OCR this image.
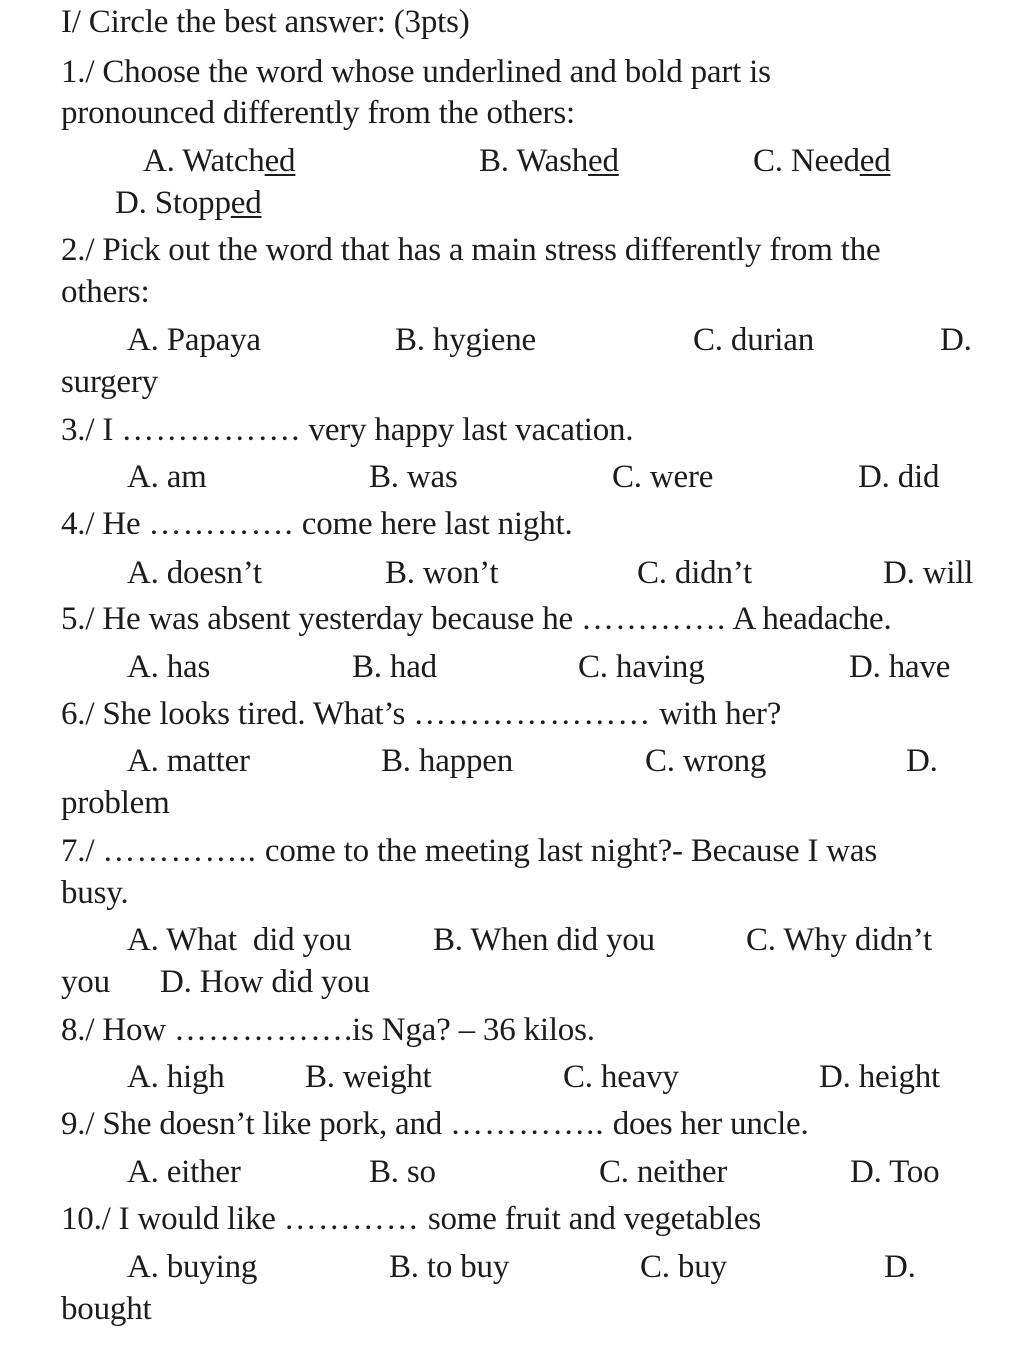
I/ Circle the best answer: (3pts)
1./ Choose the word whose underlined and bold part is
pronounced differently from the others:
A. Watched	B. Washed	C. Needed
D. Stopped
2./ Pick out the word that has a main stress differently from the
others:
A. Papaya	B. hygiene	C. durian	D.
surgery
3./ I ……………. very happy last vacation.
A. am	B. was	C. were	D. did
4./ He …………. come here last night.
A. doesn’t	B. won’t	C. didn’t	D. will
5./ He was absent yesterday because he …………. A headache.
A. has	B. had	C. having	D. have
6./ She looks tired. What’s ………………… with her?
A. matter	B. happen	C. wrong	D.
problem
7./ ………….. come to the meeting last night?- Because I was
busy.
A. What  did you B. When did you	C. Why didn’t
you D. How did you
8./ How …………….is Nga? – 36 kilos.
A. high B. weight	C. heavy	D. height
9./ She doesn’t like pork, and ………….. does her uncle.
A. either	B. so	C. neither	D. Too
10./ I would like ………… some fruit and vegetables
A. buying	B. to buy	C. buy	D.
bought
